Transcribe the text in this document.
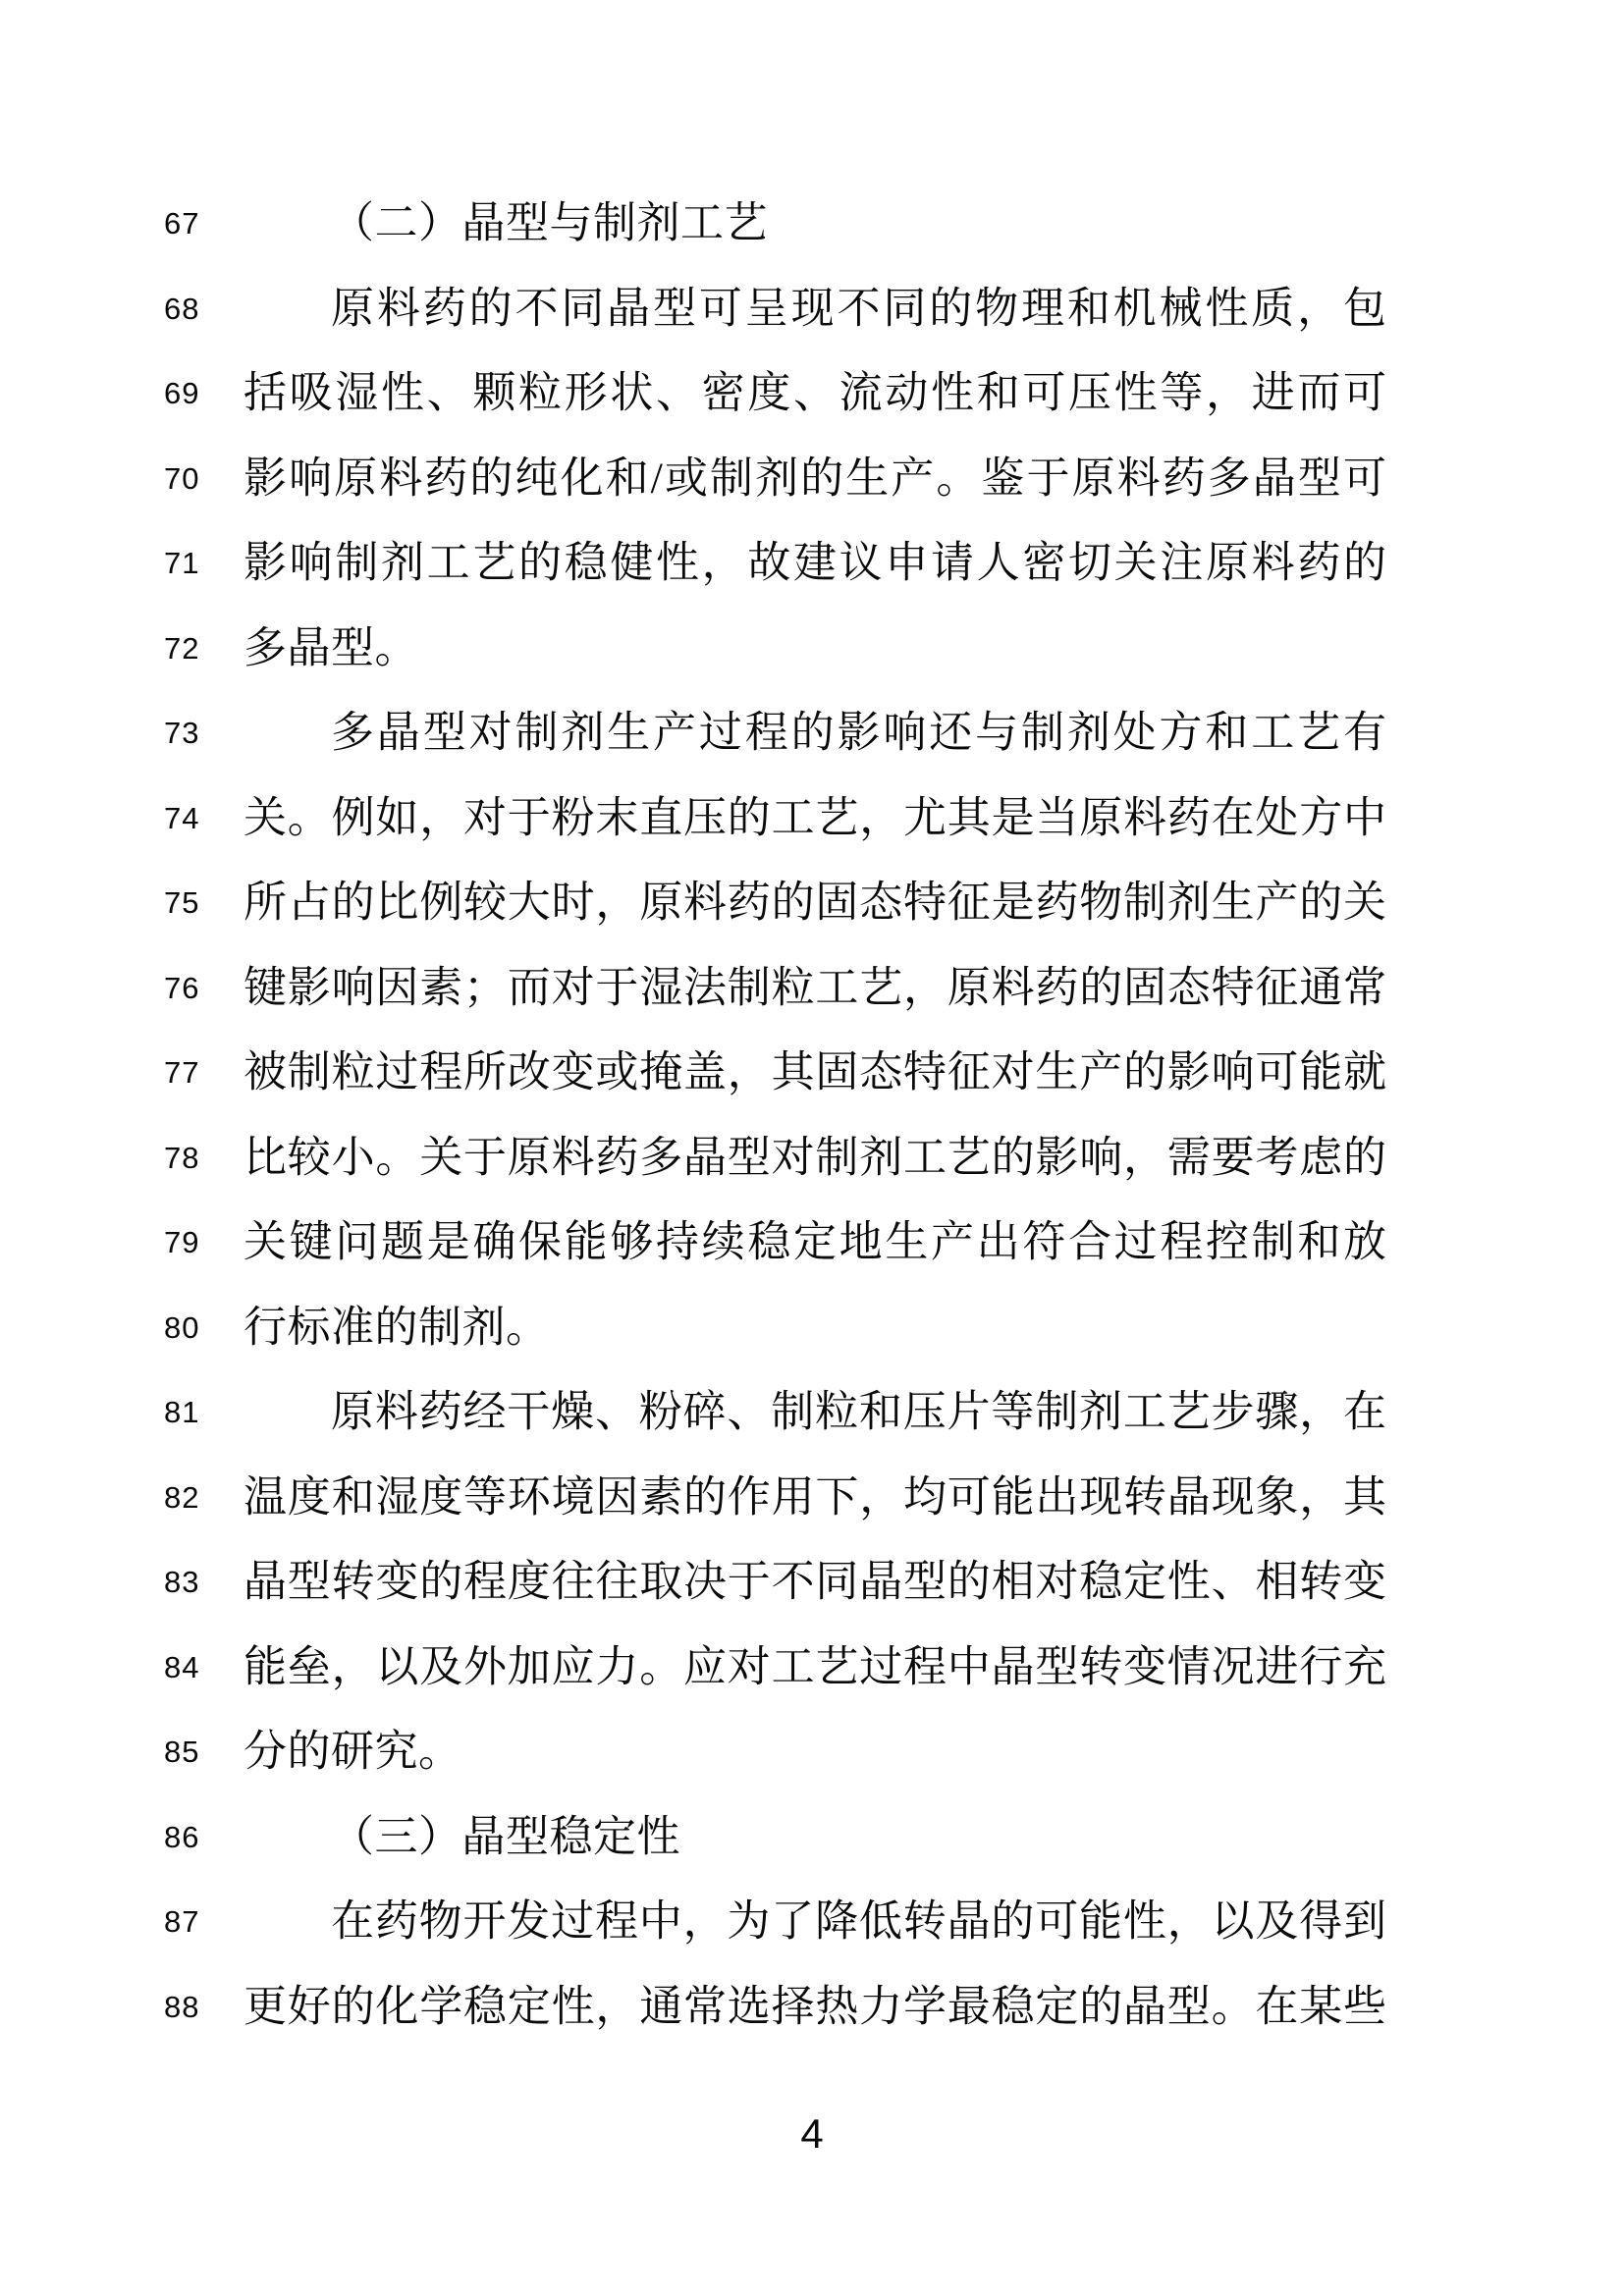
67	（二）晶型与制剂工艺
68	原料药的不同晶型可呈现不同的物理和机械性质，包
69 括吸湿性、颗粒形状、密度、流动性和可压性等，进而可
70 影响原料药的纯化和/或制剂的生产。鉴于原料药多晶型可
71 影响制剂工艺的稳健性，故建议申请人密切关注原料药的
72 多晶型。
73	多晶型对制剂生产过程的影响还与制剂处方和工艺有
74 关。例如，对于粉末直压的工艺，尤其是当原料药在处方中
75 所占的比例较大时，原料药的固态特征是药物制剂生产的关
76 键影响因素；而对于湿法制粒工艺，原料药的固态特征通常
77 被制粒过程所改变或掩盖，其固态特征对生产的影响可能就
78 比较小。关于原料药多晶型对制剂工艺的影响，需要考虑的
79 关键问题是确保能够持续稳定地生产出符合过程控制和放
80 行标准的制剂。
81	原料药经干燥、粉碎、制粒和压片等制剂工艺步骤，在
82 温度和湿度等环境因素的作用下，均可能出现转晶现象，其
83 晶型转变的程度往往取决于不同晶型的相对稳定性、相转变
84 能垒，以及外加应力。应对工艺过程中晶型转变情况进行充
85 分的研究。
86	（三）晶型稳定性
87	在药物开发过程中，为了降低转晶的可能性，以及得到
88 更好的化学稳定性，通常选择热力学最稳定的晶型。在某些
4
